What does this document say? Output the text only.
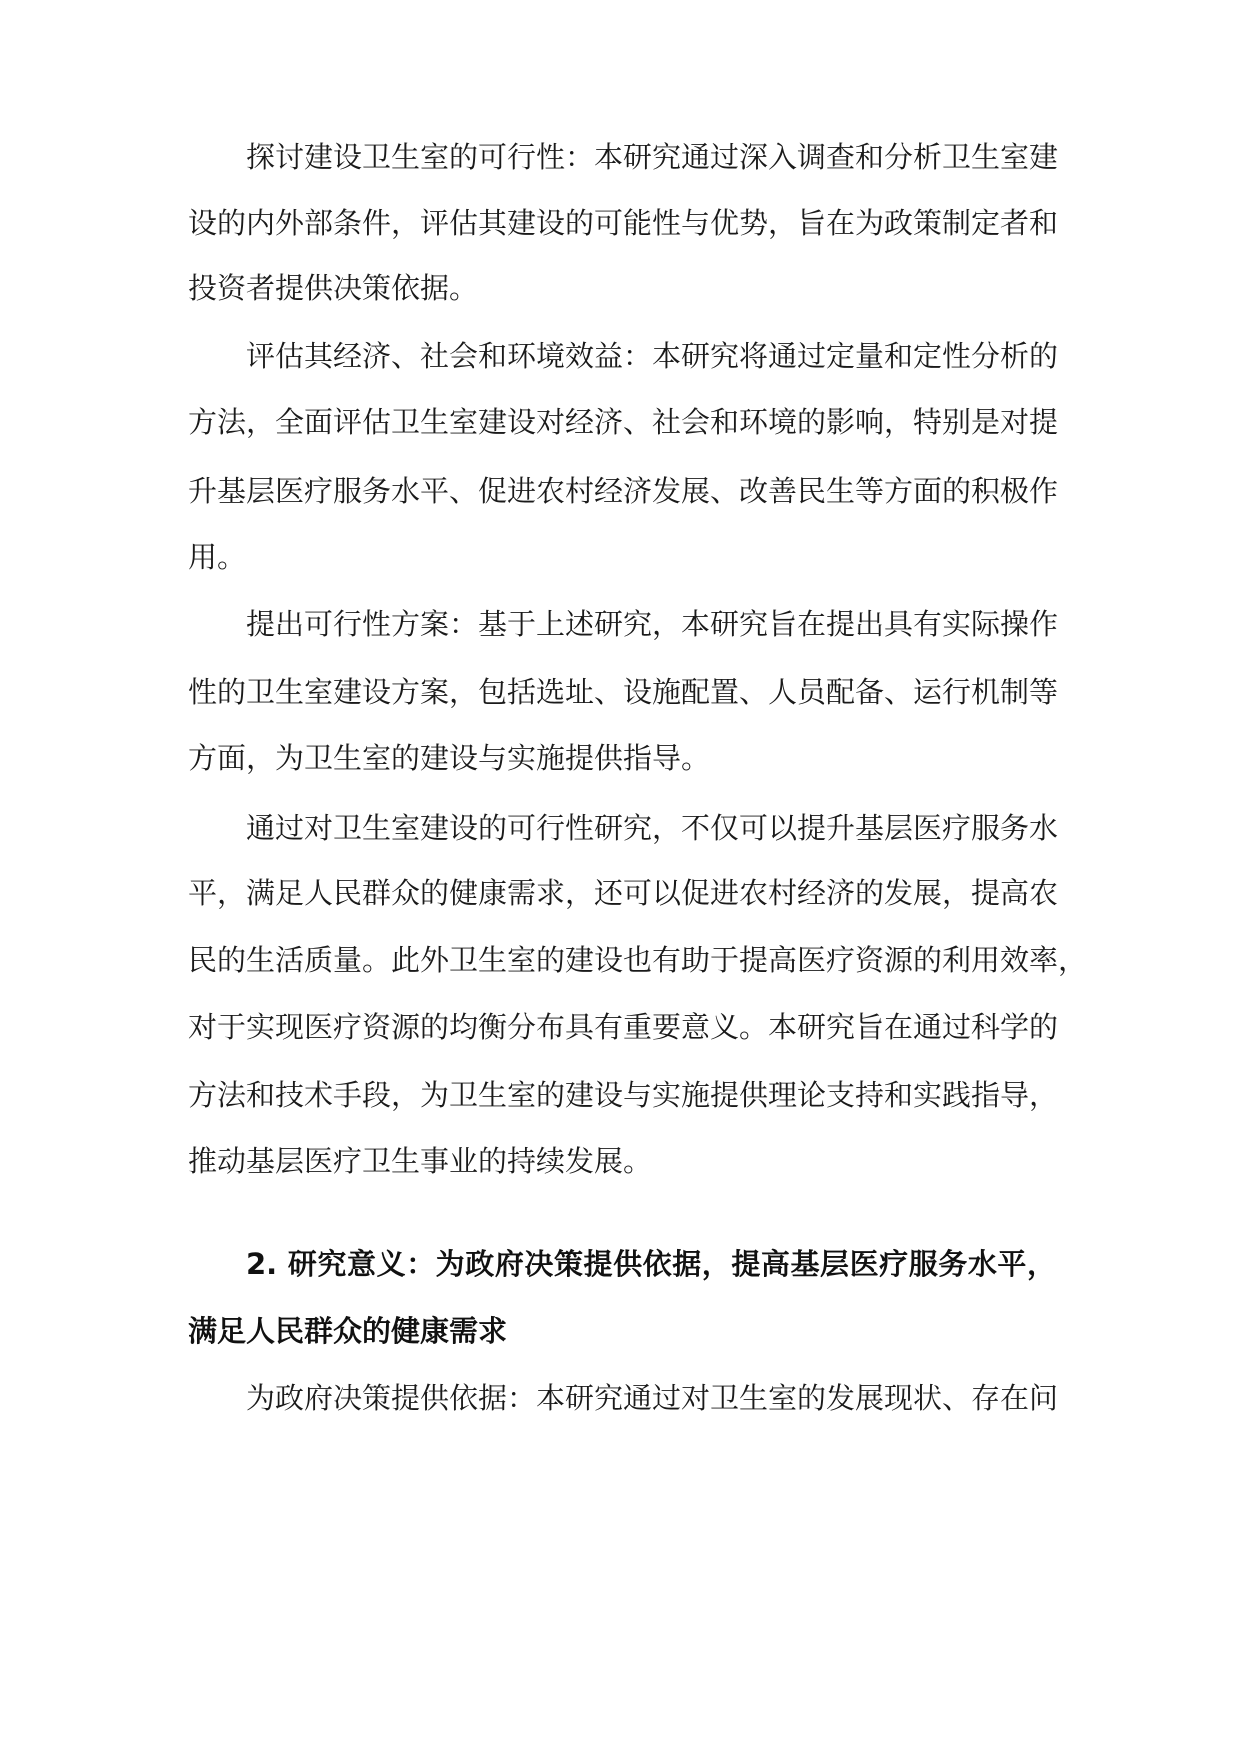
探讨建设卫生室的可行性：本研究通过深入调查和分析卫生室建
设的内外部条件，评估其建设的可能性与优势，旨在为政策制定者和
投资者提供决策依据。
评估其经济、社会和环境效益：本研究将通过定量和定性分析的
方法，全面评估卫生室建设对经济、社会和环境的影响，特别是对提
升基层医疗服务水平、促进农村经济发展、改善民生等方面的积极作
用。
提出可行性方案：基于上述研究，本研究旨在提出具有实际操作
性的卫生室建设方案，包括选址、设施配置、人员配备、运行机制等
方面，为卫生室的建设与实施提供指导。
通过对卫生室建设的可行性研究，不仅可以提升基层医疗服务水
平，满足人民群众的健康需求，还可以促进农村经济的发展，提高农
民的生活质量。此外卫生室的建设也有助于提高医疗资源的利用效率，
对于实现医疗资源的均衡分布具有重要意义。本研究旨在通过科学的
方法和技术手段，为卫生室的建设与实施提供理论支持和实践指导，
推动基层医疗卫生事业的持续发展。
2. 研究意义：为政府决策提供依据，提高基层医疗服务水平，
满足人民群众的健康需求
为政府决策提供依据：本研究通过对卫生室的发展现状、存在问
